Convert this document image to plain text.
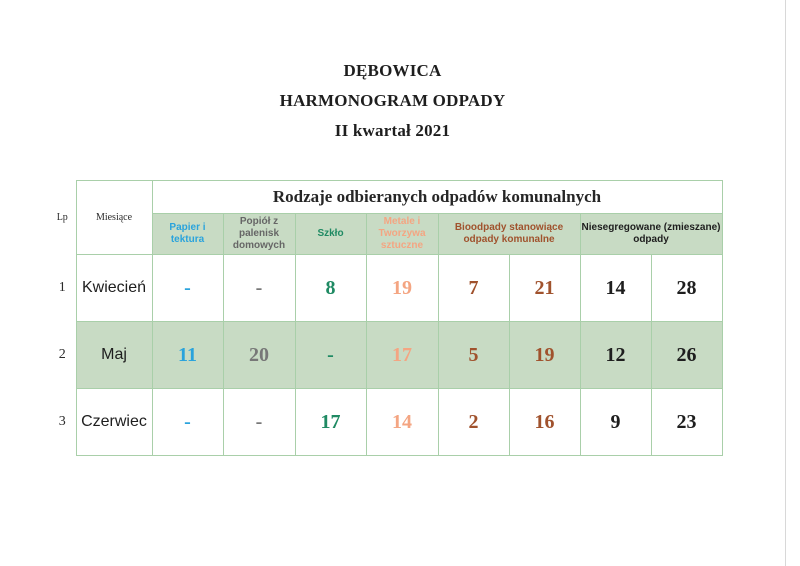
DĘBOWICA
HARMONOGRAM ODPADY
II kwartał 2021
Lp	Miesiące	Rodzaje odbieranych odpadów komunalnych							
		Papier i tektura	Popiół z palenisk domowych	Szkło	Metale i Tworzywa sztuczne	Bioodpady stanowiące odpady komunalne		Niesegregowane (zmieszane) odpady	
1	Kwiecień	-	-	8	19	7	21	14	28
2	Maj	11	20	-	17	5	19	12	26
3	Czerwiec	-	-	17	14	2	16	9	23
